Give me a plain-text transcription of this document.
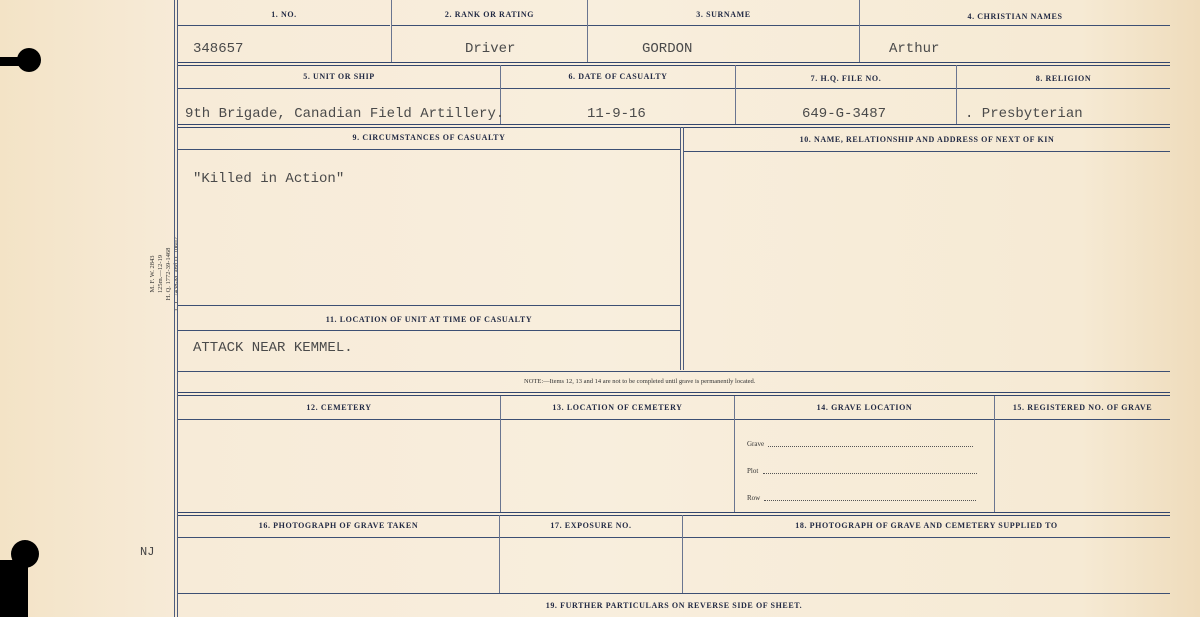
M. F. W. 2843 125m.—12-19 H. Q. 1772-39-1468 L. L. 7438-M. and D. 10602
NJ
1. NO.	2. RANK OR RATING	3. SURNAME	4. CHRISTIAN NAMES
348657	Driver	GORDON	Arthur
5. UNIT OR SHIP	6. DATE OF CASUALTY	7. H.Q. FILE NO.	8. RELIGION
9th Brigade, Canadian Field Artillery.	11-9-16	649-G-3487	. Presbyterian
9. CIRCUMSTANCES OF CASUALTY	10. NAME, RELATIONSHIP AND ADDRESS OF NEXT OF KIN
"Killed in Action"
11. LOCATION OF UNIT AT TIME OF CASUALTY
ATTACK NEAR KEMMEL.
NOTE:—Items 12, 13 and 14 are not to be completed until grave is permanently located.
12. CEMETERY	13. LOCATION OF CEMETERY	14. GRAVE LOCATION	15. REGISTERED NO. OF GRAVE
Grave
Plot
Row
16. PHOTOGRAPH OF GRAVE TAKEN	17. EXPOSURE NO.	18. PHOTOGRAPH OF GRAVE AND CEMETERY SUPPLIED TO
19. FURTHER PARTICULARS ON REVERSE SIDE OF SHEET.
